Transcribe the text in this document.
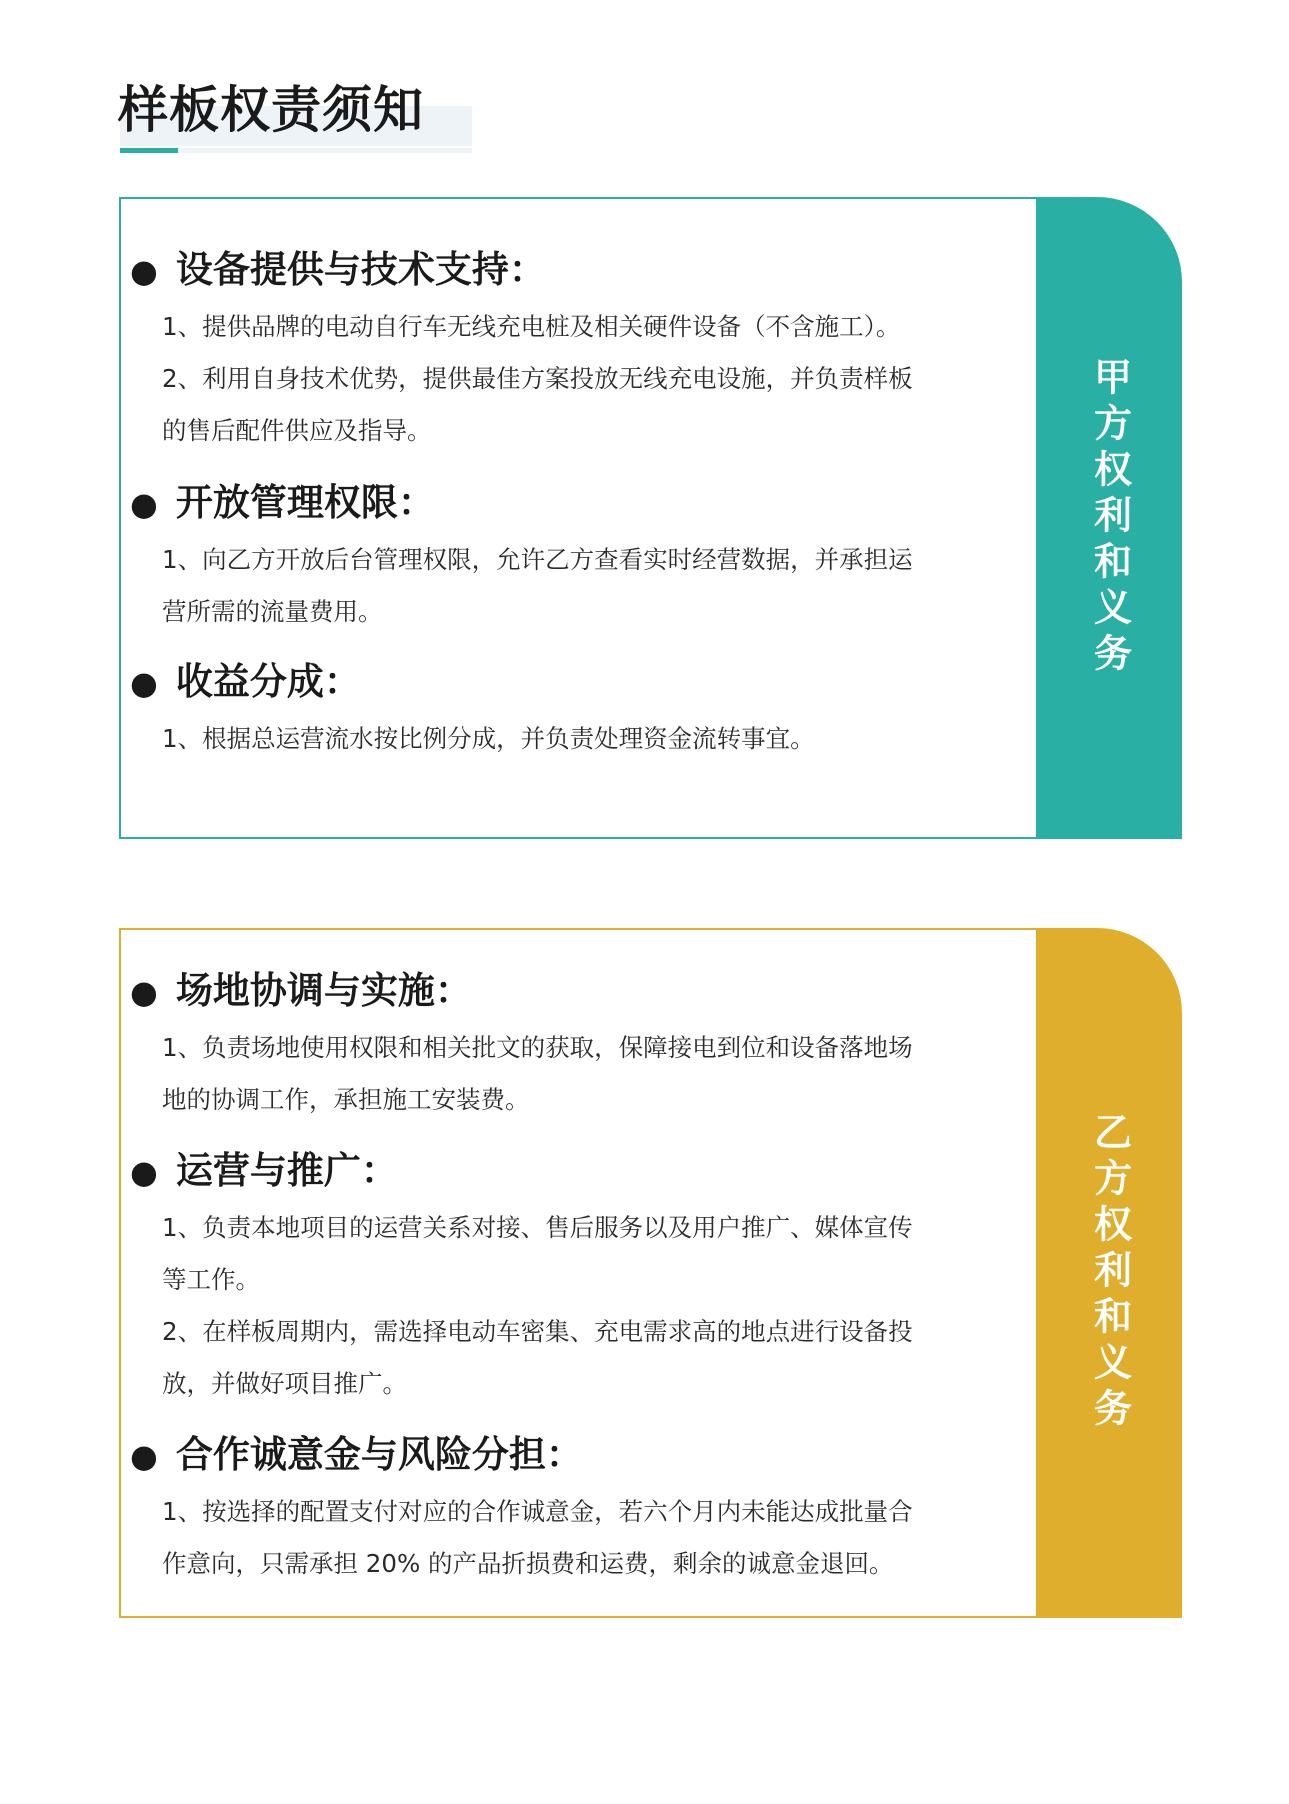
样板权责须知
甲方权利和义务
● 设备提供与技术支持：
1、提供品牌的电动自行车无线充电桩及相关硬件设备（不含施工）。
2、利用自身技术优势，提供最佳方案投放无线充电设施，并负责样板
的售后配件供应及指导。
● 开放管理权限：
1、向乙方开放后台管理权限，允许乙方查看实时经营数据，并承担运
营所需的流量费用。
● 收益分成：
1、根据总运营流水按比例分成，并负责处理资金流转事宜。
乙方权利和义务
● 场地协调与实施：
1、负责场地使用权限和相关批文的获取，保障接电到位和设备落地场
地的协调工作，承担施工安装费。
● 运营与推广：
1、负责本地项目的运营关系对接、售后服务以及用户推广、媒体宣传
等工作。
2、在样板周期内，需选择电动车密集、充电需求高的地点进行设备投
放，并做好项目推广。
● 合作诚意金与风险分担：
1、按选择的配置支付对应的合作诚意金，若六个月内未能达成批量合
作意向，只需承担 20% 的产品折损费和运费，剩余的诚意金退回。
